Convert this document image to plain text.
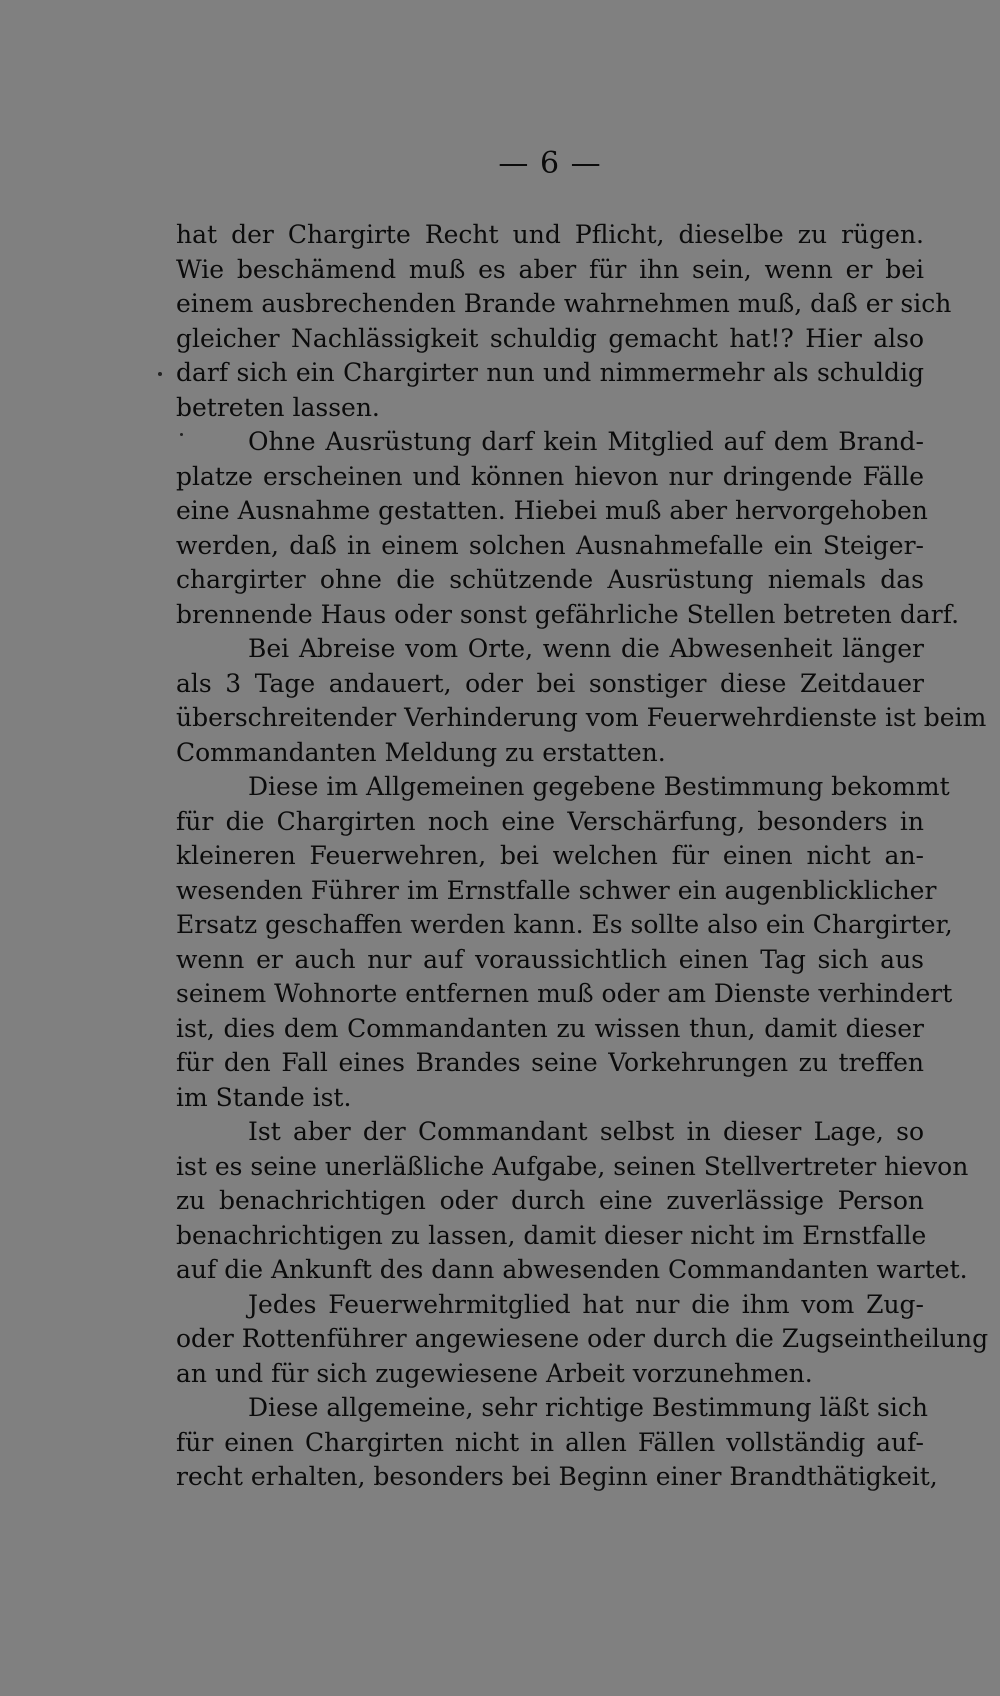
— 6 —
hat der Chargirte Recht und Pflicht, dieselbe zu rügen.
Wie beschämend muß es aber für ihn sein, wenn er bei
einem ausbrechenden Brande wahrnehmen muß, daß er sich
gleicher Nachlässigkeit schuldig gemacht hat!? Hier also
darf sich ein Chargirter nun und nimmermehr als schuldig
betreten lassen.
Ohne Ausrüstung darf kein Mitglied auf dem Brand-
platze erscheinen und können hievon nur dringende Fälle
eine Ausnahme gestatten. Hiebei muß aber hervorgehoben
werden, daß in einem solchen Ausnahmefalle ein Steiger-
chargirter ohne die schützende Ausrüstung niemals das
brennende Haus oder sonst gefährliche Stellen betreten darf.
Bei Abreise vom Orte, wenn die Abwesenheit länger
als 3 Tage andauert, oder bei sonstiger diese Zeitdauer
überschreitender Verhinderung vom Feuerwehrdienste ist beim
Commandanten Meldung zu erstatten.
Diese im Allgemeinen gegebene Bestimmung bekommt
für die Chargirten noch eine Verschärfung, besonders in
kleineren Feuerwehren, bei welchen für einen nicht an-
wesenden Führer im Ernstfalle schwer ein augenblicklicher
Ersatz geschaffen werden kann. Es sollte also ein Chargirter,
wenn er auch nur auf voraussichtlich einen Tag sich aus
seinem Wohnorte entfernen muß oder am Dienste verhindert
ist, dies dem Commandanten zu wissen thun, damit dieser
für den Fall eines Brandes seine Vorkehrungen zu treffen
im Stande ist.
Ist aber der Commandant selbst in dieser Lage, so
ist es seine unerläßliche Aufgabe, seinen Stellvertreter hievon
zu benachrichtigen oder durch eine zuverlässige Person
benachrichtigen zu lassen, damit dieser nicht im Ernstfalle
auf die Ankunft des dann abwesenden Commandanten wartet.
Jedes Feuerwehrmitglied hat nur die ihm vom Zug-
oder Rottenführer angewiesene oder durch die Zugseintheilung
an und für sich zugewiesene Arbeit vorzunehmen.
Diese allgemeine, sehr richtige Bestimmung läßt sich
für einen Chargirten nicht in allen Fällen vollständig auf-
recht erhalten, besonders bei Beginn einer Brandthätigkeit,
